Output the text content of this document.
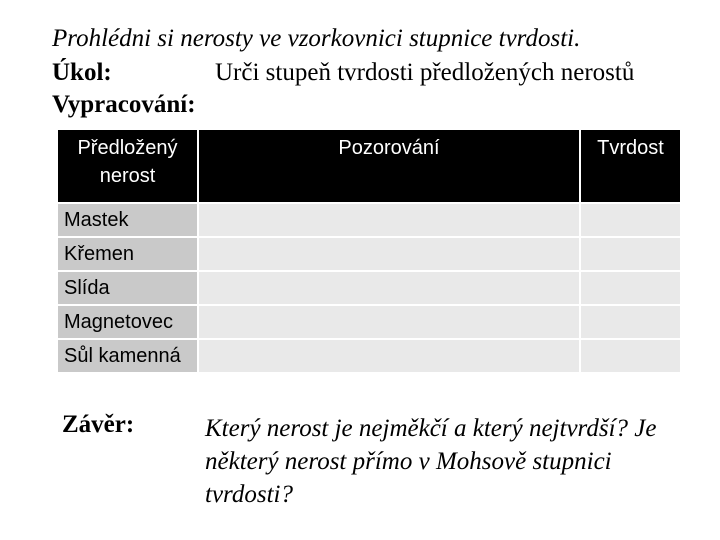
Prohlédni si nerosty ve vzorkovnici stupnice tvrdosti.
Úkol:	Urči stupeň tvrdosti předložených nerostů
Vypracování:
Předložený nerost	Pozorování	Tvrdost
Mastek		
Křemen		
Slída		
Magnetovec		
Sůl kamenná		
Závěr:	Který nerost je nejměkčí a který nejtvrdší? Je některý nerost přímo v Mohsově stupnici tvrdosti?
